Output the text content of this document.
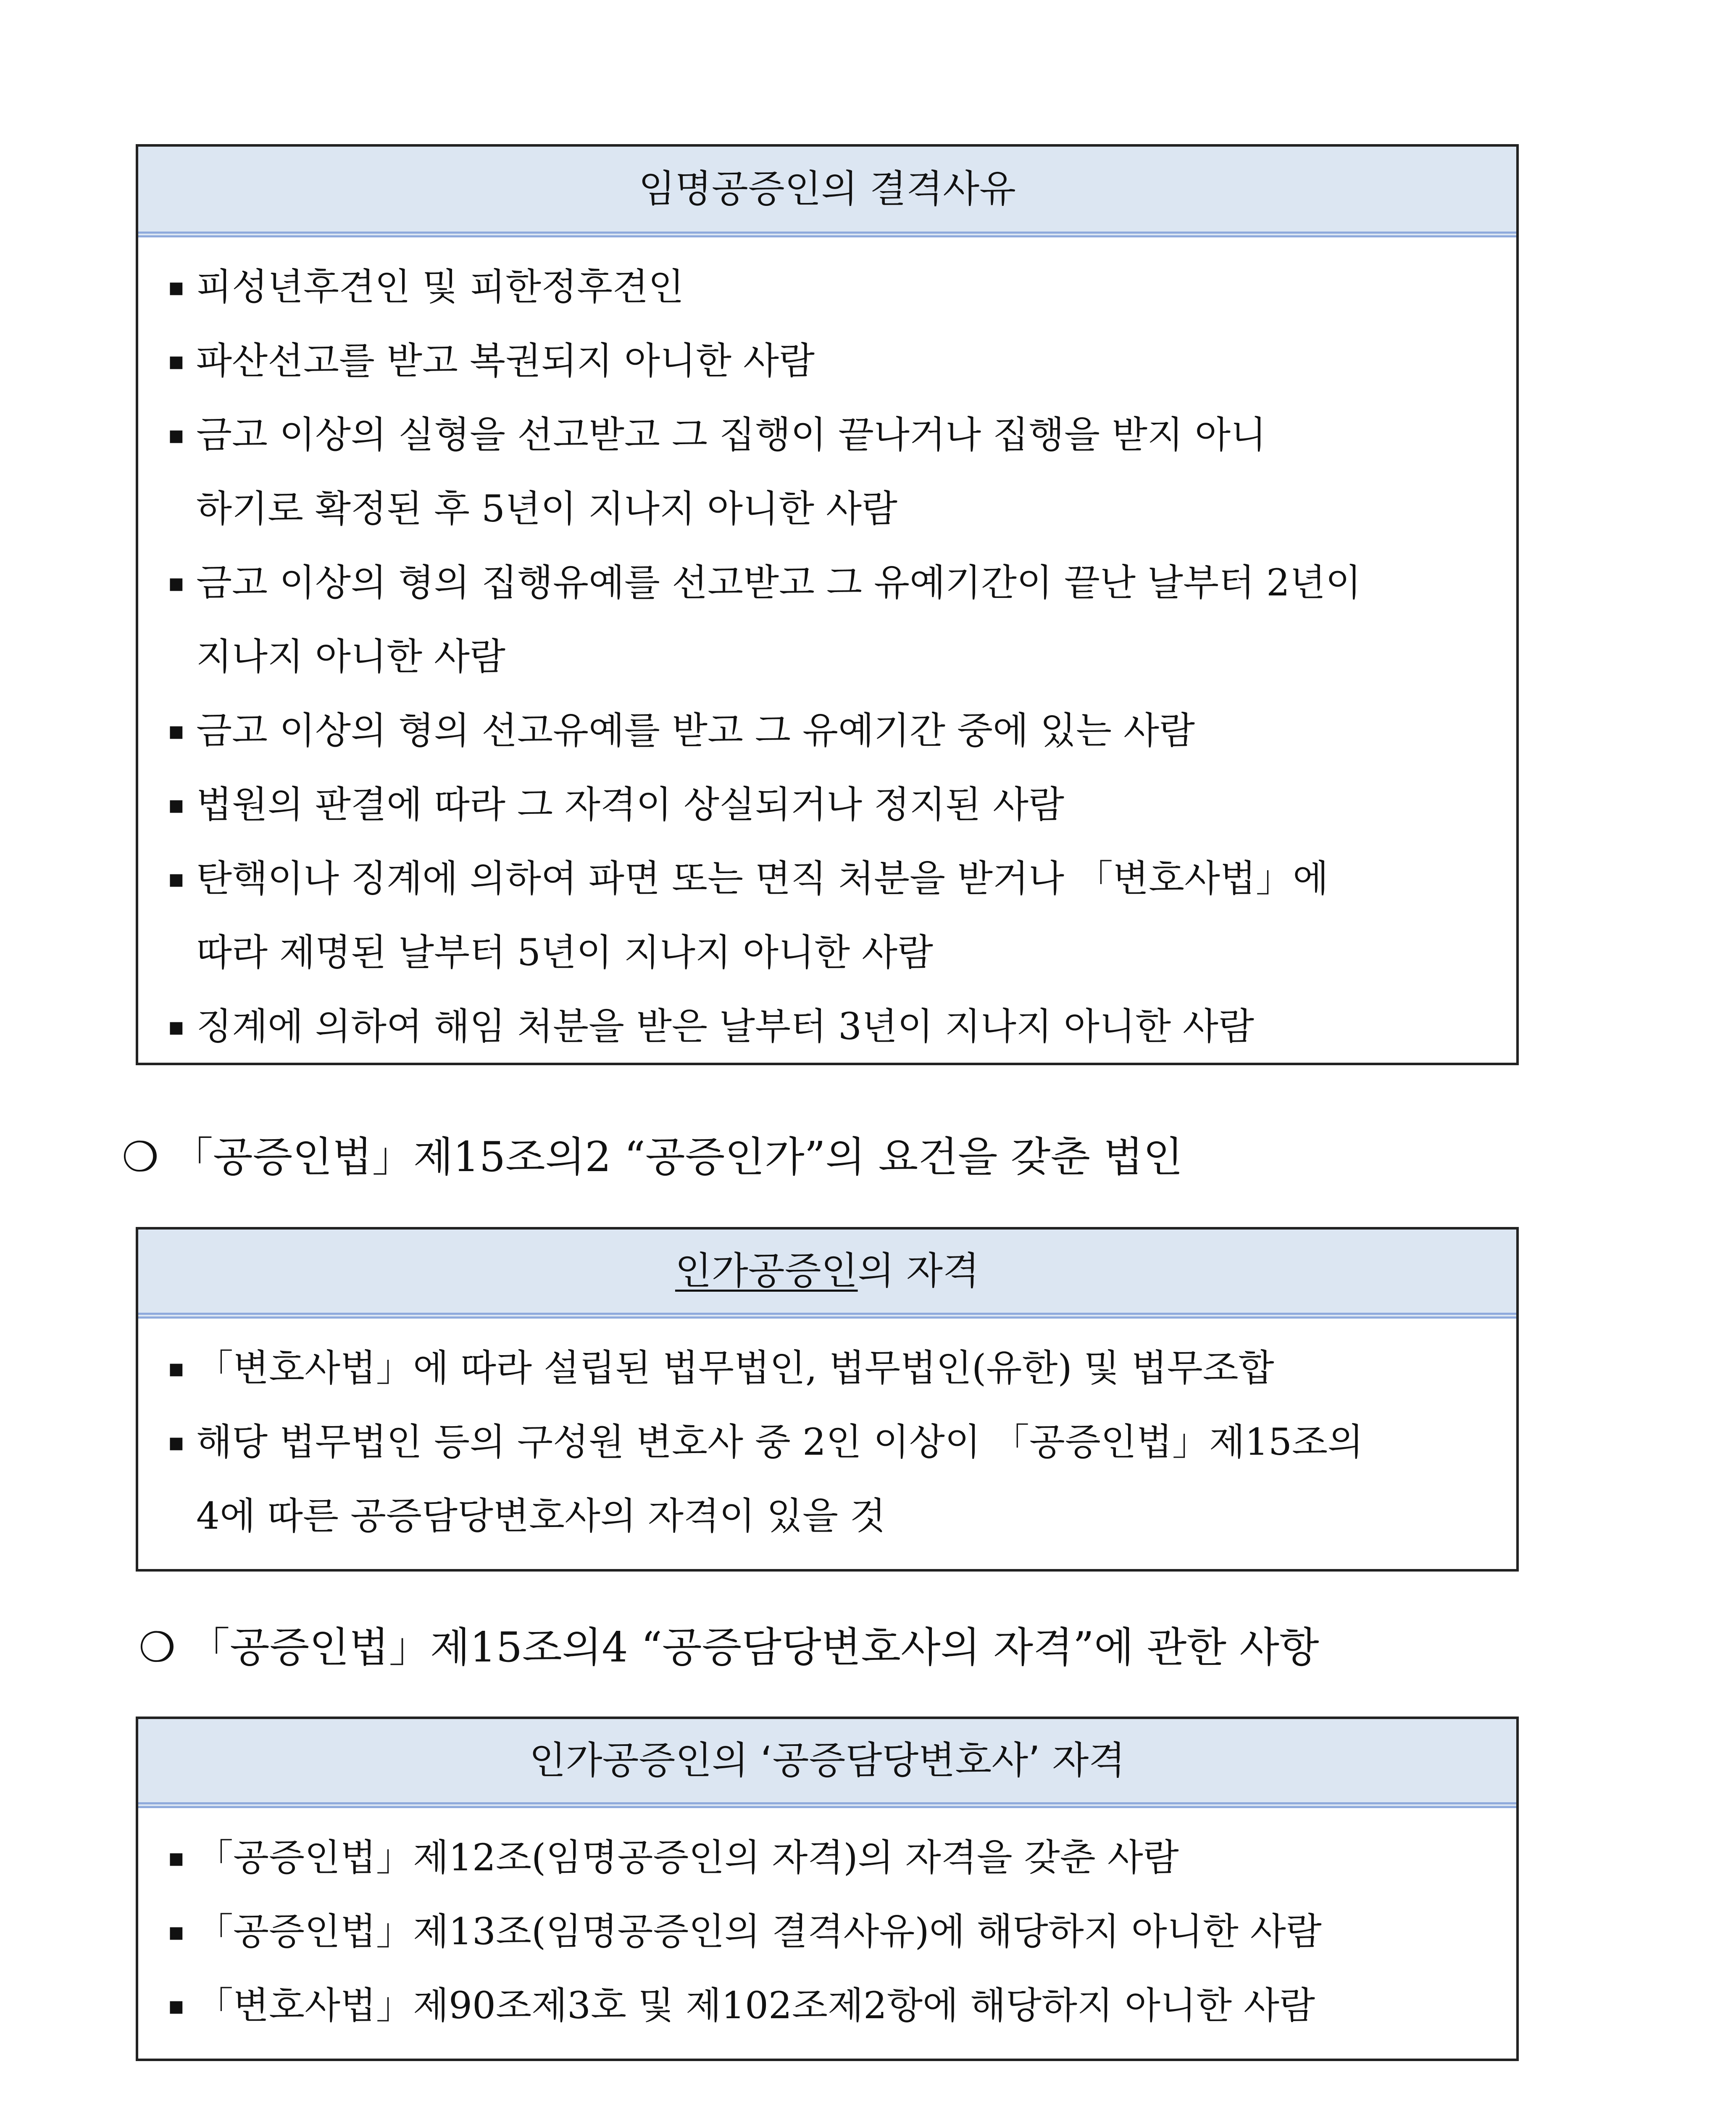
임명공증인의 결격사유
▪ 피성년후견인 및 피한정후견인
▪ 파산선고를 받고 복권되지 아니한 사람
▪ 금고 이상의 실형을 선고받고 그 집행이 끝나거나 집행을 받지 아니
하기로 확정된 후 5년이 지나지 아니한 사람
▪ 금고 이상의 형의 집행유예를 선고받고 그 유예기간이 끝난 날부터 2년이
지나지 아니한 사람
▪ 금고 이상의 형의 선고유예를 받고 그 유예기간 중에 있는 사람
▪ 법원의 판결에 따라 그 자격이 상실되거나 정지된 사람
▪ 탄핵이나 징계에 의하여 파면 또는 면직 처분을 받거나 「변호사법」에
따라 제명된 날부터 5년이 지나지 아니한 사람
▪ 징계에 의하여 해임 처분을 받은 날부터 3년이 지나지 아니한 사람
❍ 「공증인법」제15조의2 “공증인가”의 요건을 갖춘 법인
인가공증인 의 자격
▪ 「변호사법」에 따라 설립된 법무법인, 법무법인(유한) 및 법무조합
▪ 해당 법무법인 등의 구성원 변호사 중 2인 이상이 「공증인법」제15조의
4에 따른 공증담당변호사의 자격이 있을 것
❍ 「공증인법」제15조의4 “공증담당변호사의 자격”에 관한 사항
인가공증인의 ‘공증담당변호사’ 자격
▪ 「공증인법」제12조(임명공증인의 자격)의 자격을 갖춘 사람
▪ 「공증인법」제13조(임명공증인의 결격사유)에 해당하지 아니한 사람
▪ 「변호사법」제90조제3호 및 제102조제2항에 해당하지 아니한 사람
